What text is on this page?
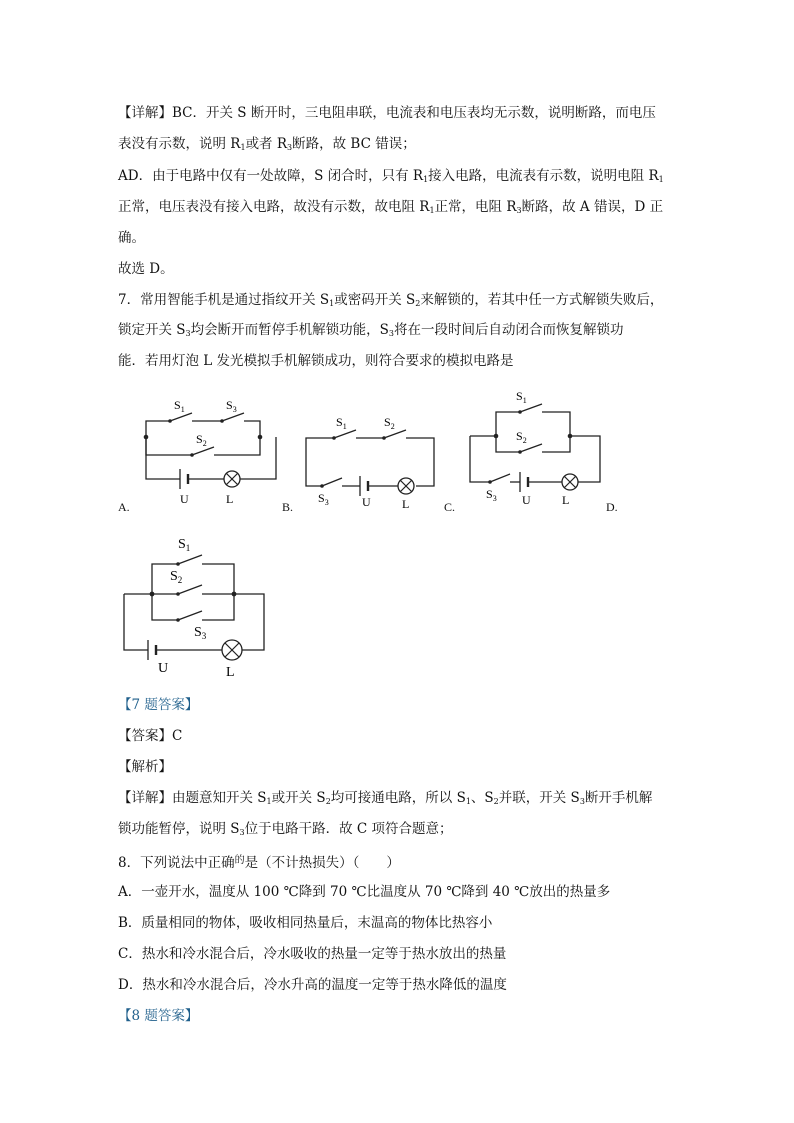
【详解】BC．开关 S 断开时，三电阻串联，电流表和电压表均无示数，说明断路，而电压
表没有示数，说明 $R_1$或者 $R_3$断路，故 BC 错误；
AD．由于电路中仅有一处故障，S 闭合时，只有 $R_1$接入电路，电流表有示数，说明电阻 $R_1$
正常，电压表没有接入电路，故没有示数，故电阻 $R_1$正常，电阻 $R_3$断路，故 A 错误，D 正
确。
故选 D。
7．常用智能手机是通过指纹开关 $S_1$或密码开关 $S_2$来解锁的，若其中任一方式解锁失败后，
锁定开关 $S_3$均会断开而暂停手机解锁功能，$S_3$将在一段时间后自动闭合而恢复解锁功
能．若用灯泡 L 发光模拟手机解锁成功，则符合要求的模拟电路是
$S_1$	$S_3$
$S_2$
U	L
$S_1$	$S_2$
$S_3$	U	L
$S_1$
$S_2$
$S_3$ U	L
A.	B.	C.	D.
$S_1$
$S_2$
$S_3$
U	L
【7 题答案】
【答案】C
【解析】
【详解】由题意知开关 $S_1$或开关 $S_2$均可接通电路，所以 $S_1$、$S_2$并联，开关 $S_3$断开手机解
锁功能暂停，说明 $S_3$位于电路干路．故 C 项符合题意；
8．下列说法中正确$^的$是（不计热损失）（　　）
A．一壶开水，温度从 100 ℃降到 70 ℃比温度从 70 ℃降到 40 ℃放出的热量多
B．质量相同的物体，吸收相同热量后，末温高的物体比热容小
C．热水和冷水混合后，冷水吸收的热量一定等于热水放出的热量
D．热水和冷水混合后，冷水升高的温度一定等于热水降低的温度
【8 题答案】
